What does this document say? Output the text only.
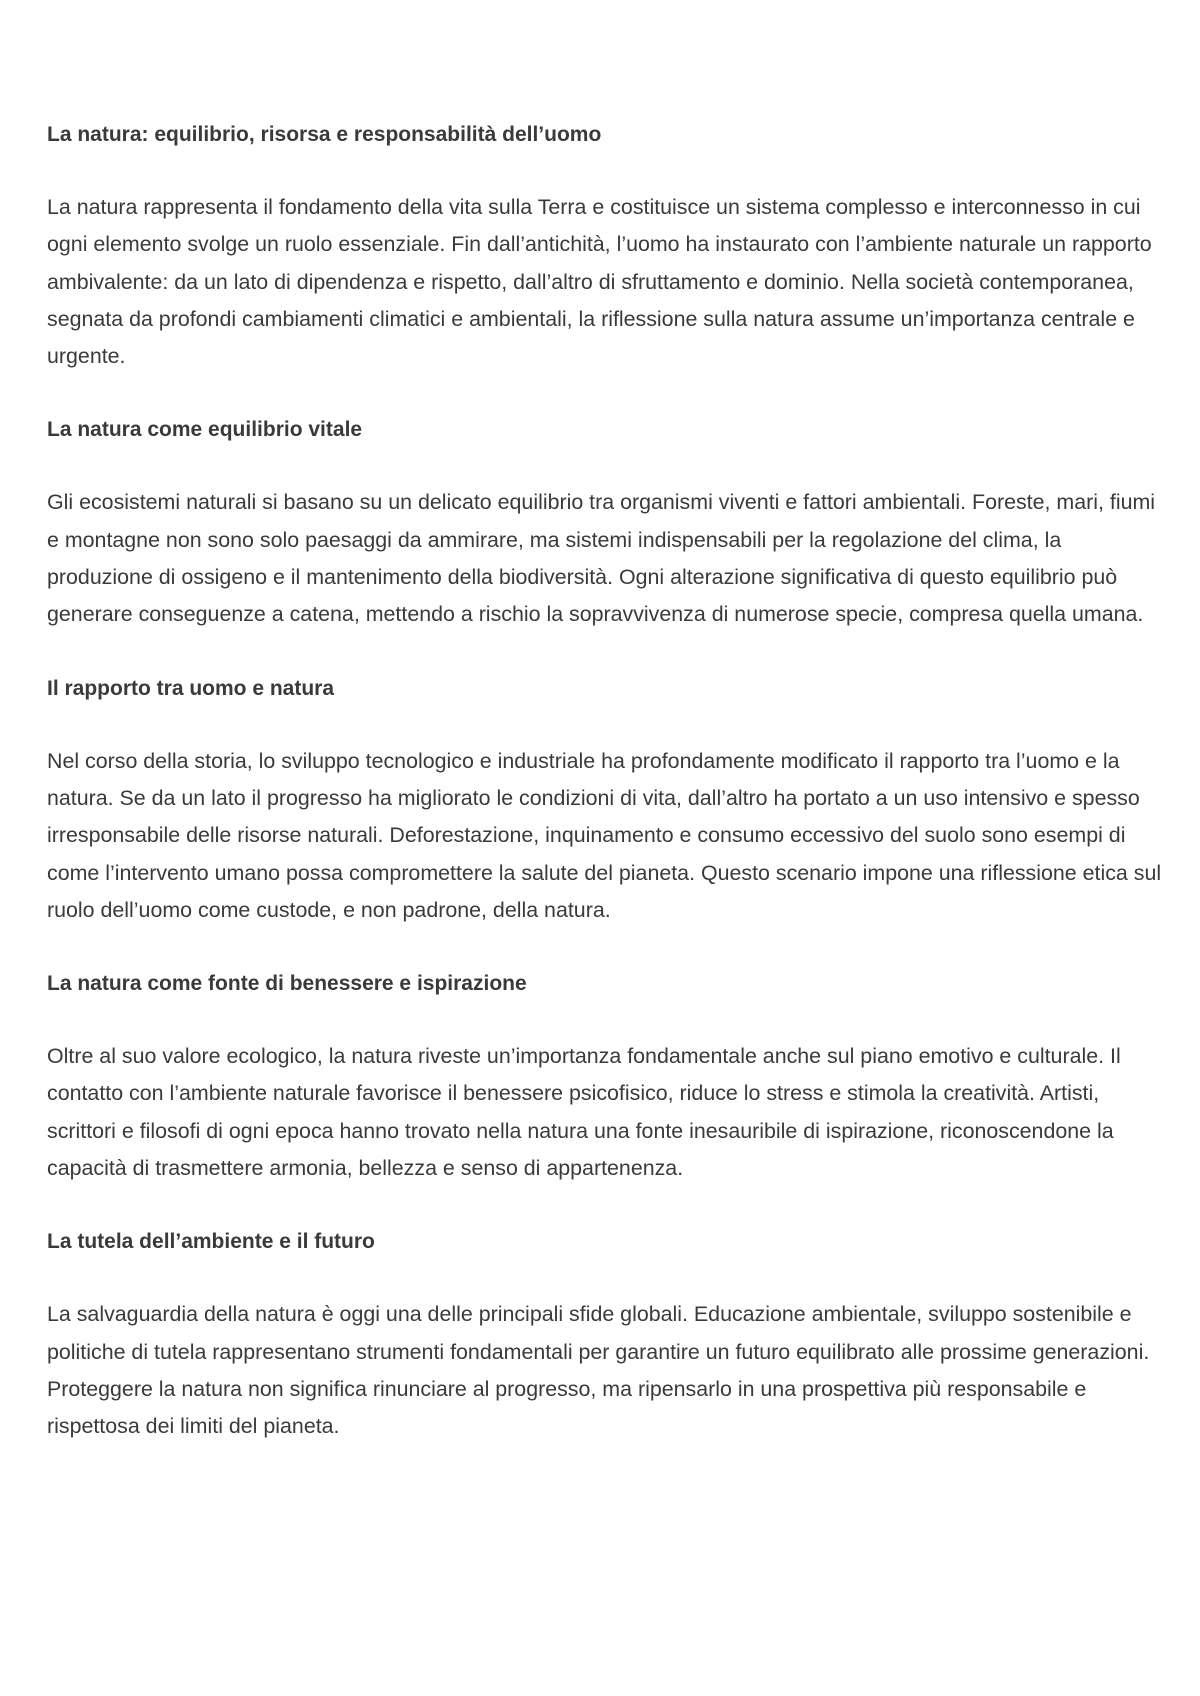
La natura: equilibrio, risorsa e responsabilità dell’uomo

La natura rappresenta il fondamento della vita sulla Terra e costituisce un sistema complesso e interconnesso in cui ogni elemento svolge un ruolo essenziale. Fin dall’antichità, l’uomo ha instaurato con l’ambiente naturale un rapporto ambivalente: da un lato di dipendenza e rispetto, dall’altro di sfruttamento e dominio. Nella società contemporanea, segnata da profondi cambiamenti climatici e ambientali, la riflessione sulla natura assume un’importanza centrale e urgente.

La natura come equilibrio vitale

Gli ecosistemi naturali si basano su un delicato equilibrio tra organismi viventi e fattori ambientali. Foreste, mari, fiumi e montagne non sono solo paesaggi da ammirare, ma sistemi indispensabili per la regolazione del clima, la produzione di ossigeno e il mantenimento della biodiversità. Ogni alterazione significativa di questo equilibrio può generare conseguenze a catena, mettendo a rischio la sopravvivenza di numerose specie, compresa quella umana.

Il rapporto tra uomo e natura

Nel corso della storia, lo sviluppo tecnologico e industriale ha profondamente modificato il rapporto tra l’uomo e la natura. Se da un lato il progresso ha migliorato le condizioni di vita, dall’altro ha portato a un uso intensivo e spesso irresponsabile delle risorse naturali. Deforestazione, inquinamento e consumo eccessivo del suolo sono esempi di come l’intervento umano possa compromettere la salute del pianeta. Questo scenario impone una riflessione etica sul ruolo dell’uomo come custode, e non padrone, della natura.

La natura come fonte di benessere e ispirazione

Oltre al suo valore ecologico, la natura riveste un’importanza fondamentale anche sul piano emotivo e culturale. Il contatto con l’ambiente naturale favorisce il benessere psicofisico, riduce lo stress e stimola la creatività. Artisti, scrittori e filosofi di ogni epoca hanno trovato nella natura una fonte inesauribile di ispirazione, riconoscendone la capacità di trasmettere armonia, bellezza e senso di appartenenza.

La tutela dell’ambiente e il futuro

La salvaguardia della natura è oggi una delle principali sfide globali. Educazione ambientale, sviluppo sostenibile e politiche di tutela rappresentano strumenti fondamentali per garantire un futuro equilibrato alle prossime generazioni. Proteggere la natura non significa rinunciare al progresso, ma ripensarlo in una prospettiva più responsabile e rispettosa dei limiti del pianeta.
